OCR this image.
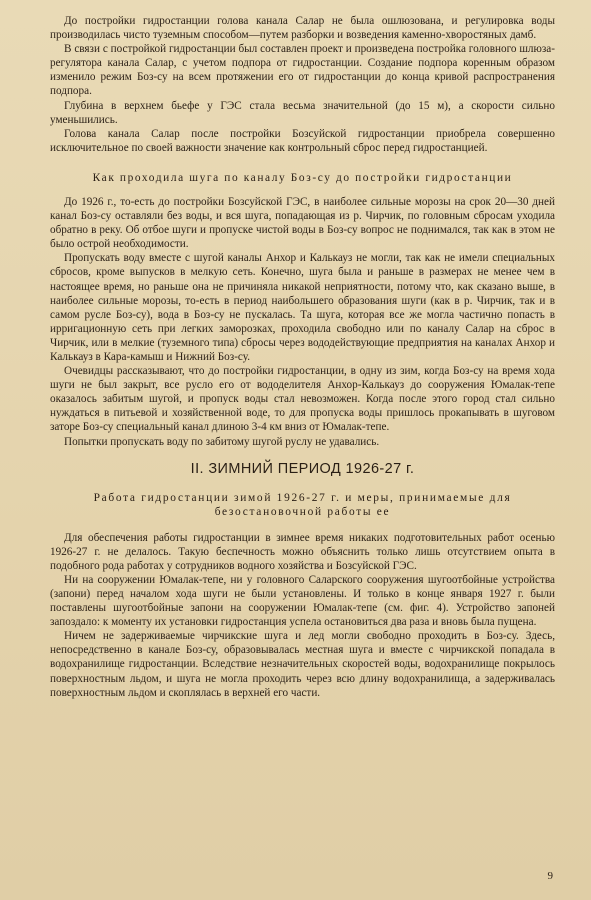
До постройки гидростанции голова канала Салар не была ошлюзована, и регулировка воды производилась чисто туземным способом—путем разборки и возведения каменно-хворостяных дамб.

В связи с постройкой гидростанции был составлен проект и произведена постройка головного шлюза-регулятора канала Салар, с учетом подпора от гидростанции. Создание подпора коренным образом изменило режим Боз-су на всем протяжении его от гидростанции до конца кривой распространения подпора.

Глубина в верхнем бьефе у ГЭС стала весьма значительной (до 15 м), а скорости сильно уменьшились.

Голова канала Салар после постройки Бозсуйской гидростанции приобрела совершенно исключительное по своей важности значение как контрольный сброс перед гидростанцией.

Как проходила шуга по каналу Боз-су до постройки гидростанции

До 1926 г., то-есть до постройки Бозсуйской ГЭС, в наиболее сильные морозы на срок 20—30 дней канал Боз-су оставляли без воды, и вся шуга, попадающая из р. Чирчик, по головным сбросам уходила обратно в реку. Об отбое шуги и пропуске чистой воды в Боз-су вопрос не поднимался, так как в этом не было острой необходимости.

Пропускать воду вместе с шугой каналы Анхор и Калькауз не могли, так как не имели специальных сбросов, кроме выпусков в мелкую сеть. Конечно, шуга была и раньше в размерах не менее чем в настоящее время, но раньше она не причиняла никакой неприятности, потому что, как сказано выше, в наиболее сильные морозы, то-есть в период наибольшего образования шуги (как в р. Чирчик, так и в самом русле Боз-су), вода в Боз-су не пускалась. Та шуга, которая все же могла частично попасть в ирригационную сеть при легких заморозках, проходила свободно или по каналу Салар на сброс в Чирчик, или в мелкие (туземного типа) сбросы через вододействующие предприятия на каналах Анхор и Калькауз в Кара-камыш и Нижний Боз-су.

Очевидцы рассказывают, что до постройки гидростанции, в одну из зим, когда Боз-су на время хода шуги не был закрыт, все русло его от вододелителя Анхор-Калькауз до сооружения Юмалак-тепе оказалось забитым шугой, и пропуск воды стал невозможен. Когда после этого город стал сильно нуждаться в питьевой и хозяйственной воде, то для пропуска воды пришлось прокапывать в шуговом заторе Боз-су специальный канал длиною 3-4 км вниз от Юмалак-тепе.

Попытки пропускать воду по забитому шугой руслу не удавались.

II. ЗИМНИЙ ПЕРИОД 1926-27 г.
Работа гидростанции зимой 1926-27 г. и меры, принимаемые для безостановочной работы ее

Для обеспечения работы гидростанции в зимнее время никаких подготовительных работ осенью 1926-27 г. не делалось. Такую беспечность можно объяснить только лишь отсутствием опыта в подобного рода работах у сотрудников водного хозяйства и Бозсуйской ГЭС.

Ни на сооружении Юмалак-тепе, ни у головного Саларского сооружения шугоотбойные устройства (запони) перед началом хода шуги не были установлены. И только в конце января 1927 г. были поставлены шугоотбойные запони на сооружении Юмалак-тепе (см. фиг. 4). Устройство запоней запоздало: к моменту их установки гидростанция успела остановиться два раза и вновь была пущена.

Ничем не задерживаемые чирчикские шуга и лед могли свободно проходить в Боз-су. Здесь, непосредственно в канале Боз-су, образовывалась местная шуга и вместе с чирчикской попадала в водохранилище гидростанции. Вследствие незначительных скоростей воды, водохранилище покрылось поверхностным льдом, и шуга не могла проходить через всю длину водохранилища, а задерживалась поверхностным льдом и скоплялась в верхней его части.

9
